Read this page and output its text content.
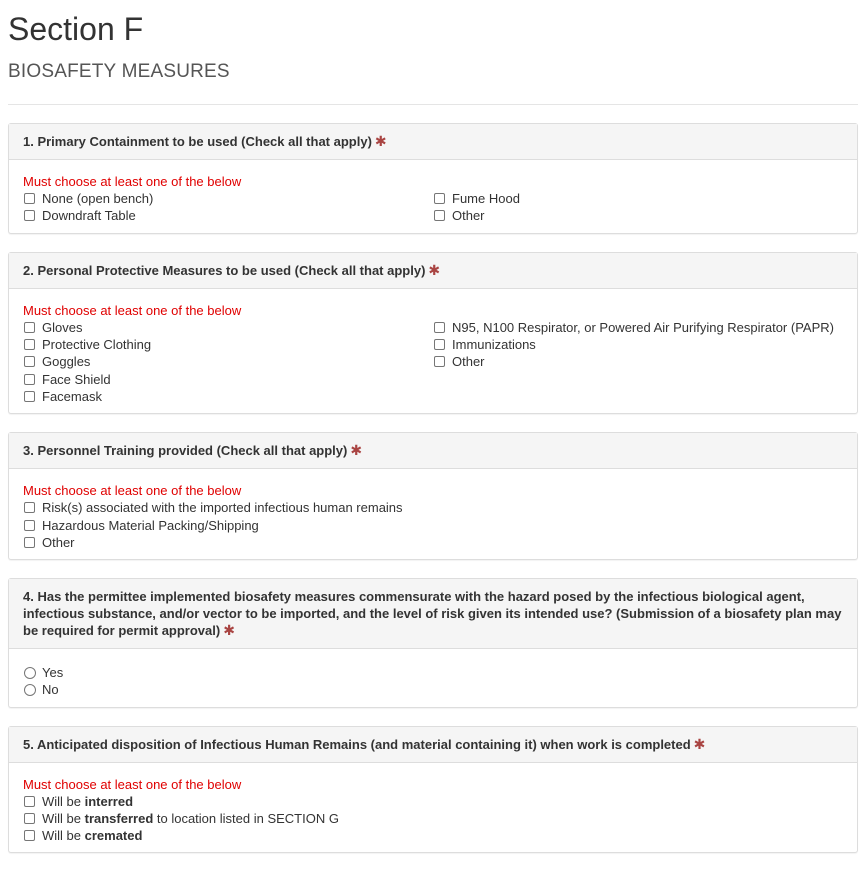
Section F
BIOSAFETY MEASURES
1. Primary Containment to be used (Check all that apply) ✱
Must choose at least one of the below
None (open bench)
Downdraft Table
Fume Hood
Other
2. Personal Protective Measures to be used (Check all that apply) ✱
Must choose at least one of the below
Gloves
Protective Clothing
Goggles
Face Shield
Facemask
N95, N100 Respirator, or Powered Air Purifying Respirator (PAPR)
Immunizations
Other
3. Personnel Training provided (Check all that apply) ✱
Must choose at least one of the below
Risk(s) associated with the imported infectious human remains
Hazardous Material Packing/Shipping
Other
4. Has the permittee implemented biosafety measures commensurate with the hazard posed by the infectious biological agent, infectious substance, and/or vector to be imported, and the level of risk given its intended use? (Submission of a biosafety plan may be required for permit approval) ✱
Yes
No
5. Anticipated disposition of Infectious Human Remains (and material containing it) when work is completed ✱
Must choose at least one of the below
Will be interred
Will be transferred to location listed in SECTION G
Will be cremated
